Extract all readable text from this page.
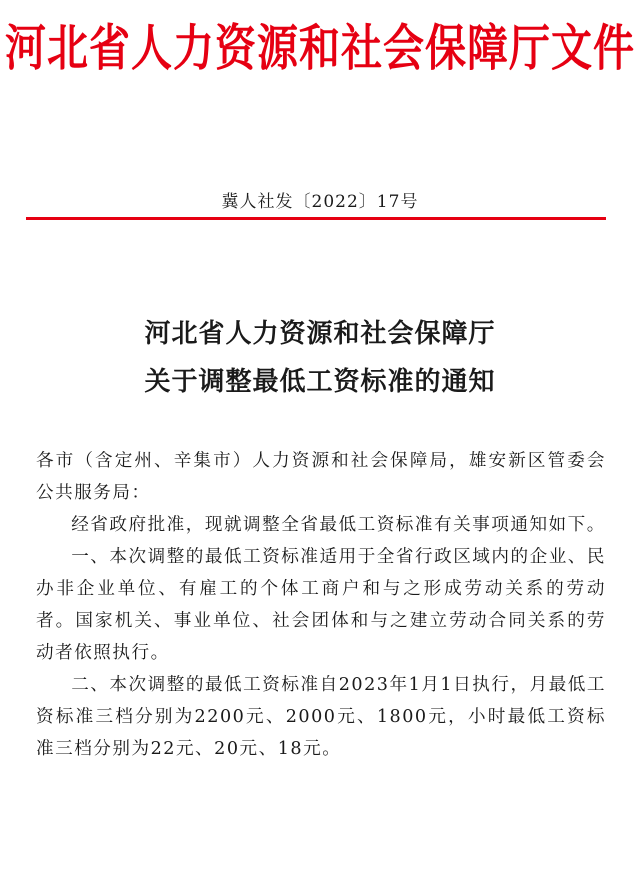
河北省人力资源和社会保障厅文件
冀人社发〔2022〕17号
河北省人力资源和社会保障厅
关于调整最低工资标准的通知

各市（含定州、辛集市）人力资源和社会保障局，雄安新区管委会公共服务局：

经省政府批准，现就调整全省最低工资标准有关事项通知如下。

一、本次调整的最低工资标准适用于全省行政区域内的企业、民办非企业单位、有雇工的个体工商户和与之形成劳动关系的劳动者。国家机关、事业单位、社会团体和与之建立劳动合同关系的劳动者依照执行。

二、本次调整的最低工资标准自2023年1月1日执行，月最低工资标准三档分别为2200元、2000元、1800元，小时最低工资标准三档分别为22元、20元、18元。
